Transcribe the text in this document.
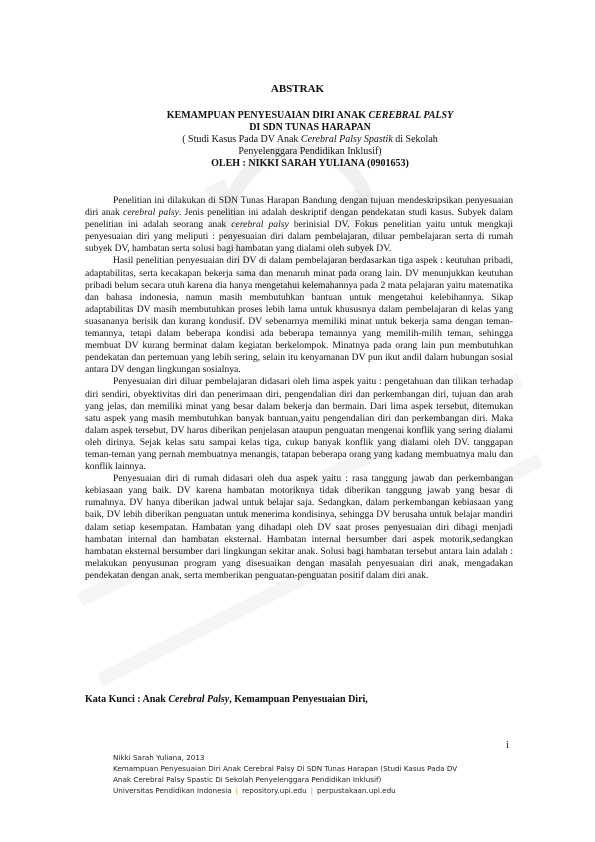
ABSTRAK
KEMAMPUAN PENYESUAIAN DIRI ANAK CEREBRAL PALSY
DI SDN TUNAS HARAPAN
( Studi Kasus Pada DV Anak Cerebral Palsy Spastik di Sekolah
Penyelenggara Pendidikan Inklusif)
OLEH : NIKKI SARAH YULIANA (0901653)

Penelitian ini dilakukan di SDN Tunas Harapan Bandung dengan tujuan mendeskripsikan penyesuaian diri anak cerebral palsy. Jenis penelitian ini adalah deskriptif dengan pendekatan studi kasus. Subyek dalam penelitian ini adalah seorang anak cerebral palsy berinisial DV. Fokus penelitian yaitu untuk mengkaji penyesuaian diri yang meliputi : penyesuaian diri dalam pembelajaran, diluar pembelajaran serta di rumah subyek DV, hambatan serta solusi bagi hambatan yang dialami oleh subyek DV.

Hasil penelitian penyesuaian diri DV di dalam pembelajaran berdasarkan tiga aspek : keutuhan pribadi, adaptabilitas, serta kecakapan bekerja sama dan menaruh minat pada orang lain. DV menunjukkan keutuhan pribadi belum secara utuh karena dia hanya mengetahui kelemahannya pada 2 mata pelajaran yaitu matematika dan bahasa indonesia, namun masih membutuhkan bantuan untuk mengetahui kelebihannya. Sikap adaptabilitas DV masih membutuhkan proses lebih lama untuk khususnya dalam pembelajaran di kelas yang suasananya berisik dan kurang kondusif. DV sebenarnya memiliki minat untuk bekerja sama dengan teman-temannya, tetapi dalam beberapa kondisi ada beberapa temannya yang memilih-milih teman, sehingga membuat DV kurang berminat dalam kegiatan berkelompok. Minatnya pada orang lain pun membutuhkan pendekatan dan pertemuan yang lebih sering, selain itu kenyamanan DV pun ikut andil dalam hubungan sosial antara DV dengan lingkungan sosialnya.

Penyesuaian diri diluar pembelajaran didasari oleh lima aspek yaitu : pengetahuan dan tilikan terhadap diri sendiri, obyektivitas diri dan penerimaan diri, pengendalian diri dan perkembangan diri, tujuan dan arah yang jelas, dan memiliki minat yang besar dalam bekerja dan bermain. Dari lima aspek tersebut, ditemukan satu aspek yang masih membutuhkan banyak bantuan,yaitu pengendalian diri dan perkembangan diri. Maka dalam aspek tersebut, DV harus diberikan penjelasan ataupun penguatan mengenai konflik yang sering dialami oleh dirinya. Sejak kelas satu sampai kelas tiga, cukup banyak konflik yang dialami oleh DV. tanggapan teman-teman yang pernah membuatnya menangis, tatapan beberapa orang yang kadang membuatnya malu dan konflik lainnya.

Penyesuaian diri di rumah didasari oleh dua aspek yaitu : rasa tanggung jawab dan perkembangan kebiasaan yang baik. DV karena hambatan motoriknya tidak diberikan tanggung jawab yang besar di rumahnya. DV hanya diberikan jadwal untuk belajar saja. Sedangkan, dalam perkembangan kebiasaan yang baik, DV lebih diberikan penguatan untuk menerima kondisinya, sehingga DV berusaha untuk belajar mandiri dalam setiap kesempatan. Hambatan yang dihadapi oleh DV saat proses penyesuaian diri dibagi menjadi hambatan internal dan hambatan eksternal. Hambatan internal bersumber dari aspek motorik,sedangkan hambatan eksternal bersumber dari lingkungan sekitar anak. Solusi bagi hambatan tersebut antara lain adalah : melakukan penyusunan program yang disesuaikan dengan masalah penyesuaian diri anak, mengadakan pendekatan dengan anak, serta memberikan penguatan-penguatan positif dalam diri anak.

Kata Kunci : Anak Cerebral Palsy, Kemampuan Penyesuaian Diri,
i
Nikki Sarah Yuliana, 2013
Kemampuan Penyesuaian Diri Anak Cerebral Palsy Di SDN Tunas Harapan (Studi Kasus Pada DV
Anak Cerebral Palsy Spastic Di Sekolah Penyelenggara Pendidikan Inklusif)
Universitas Pendidikan Indonesia | repository.upi.edu | perpustakaan.upi.edu
